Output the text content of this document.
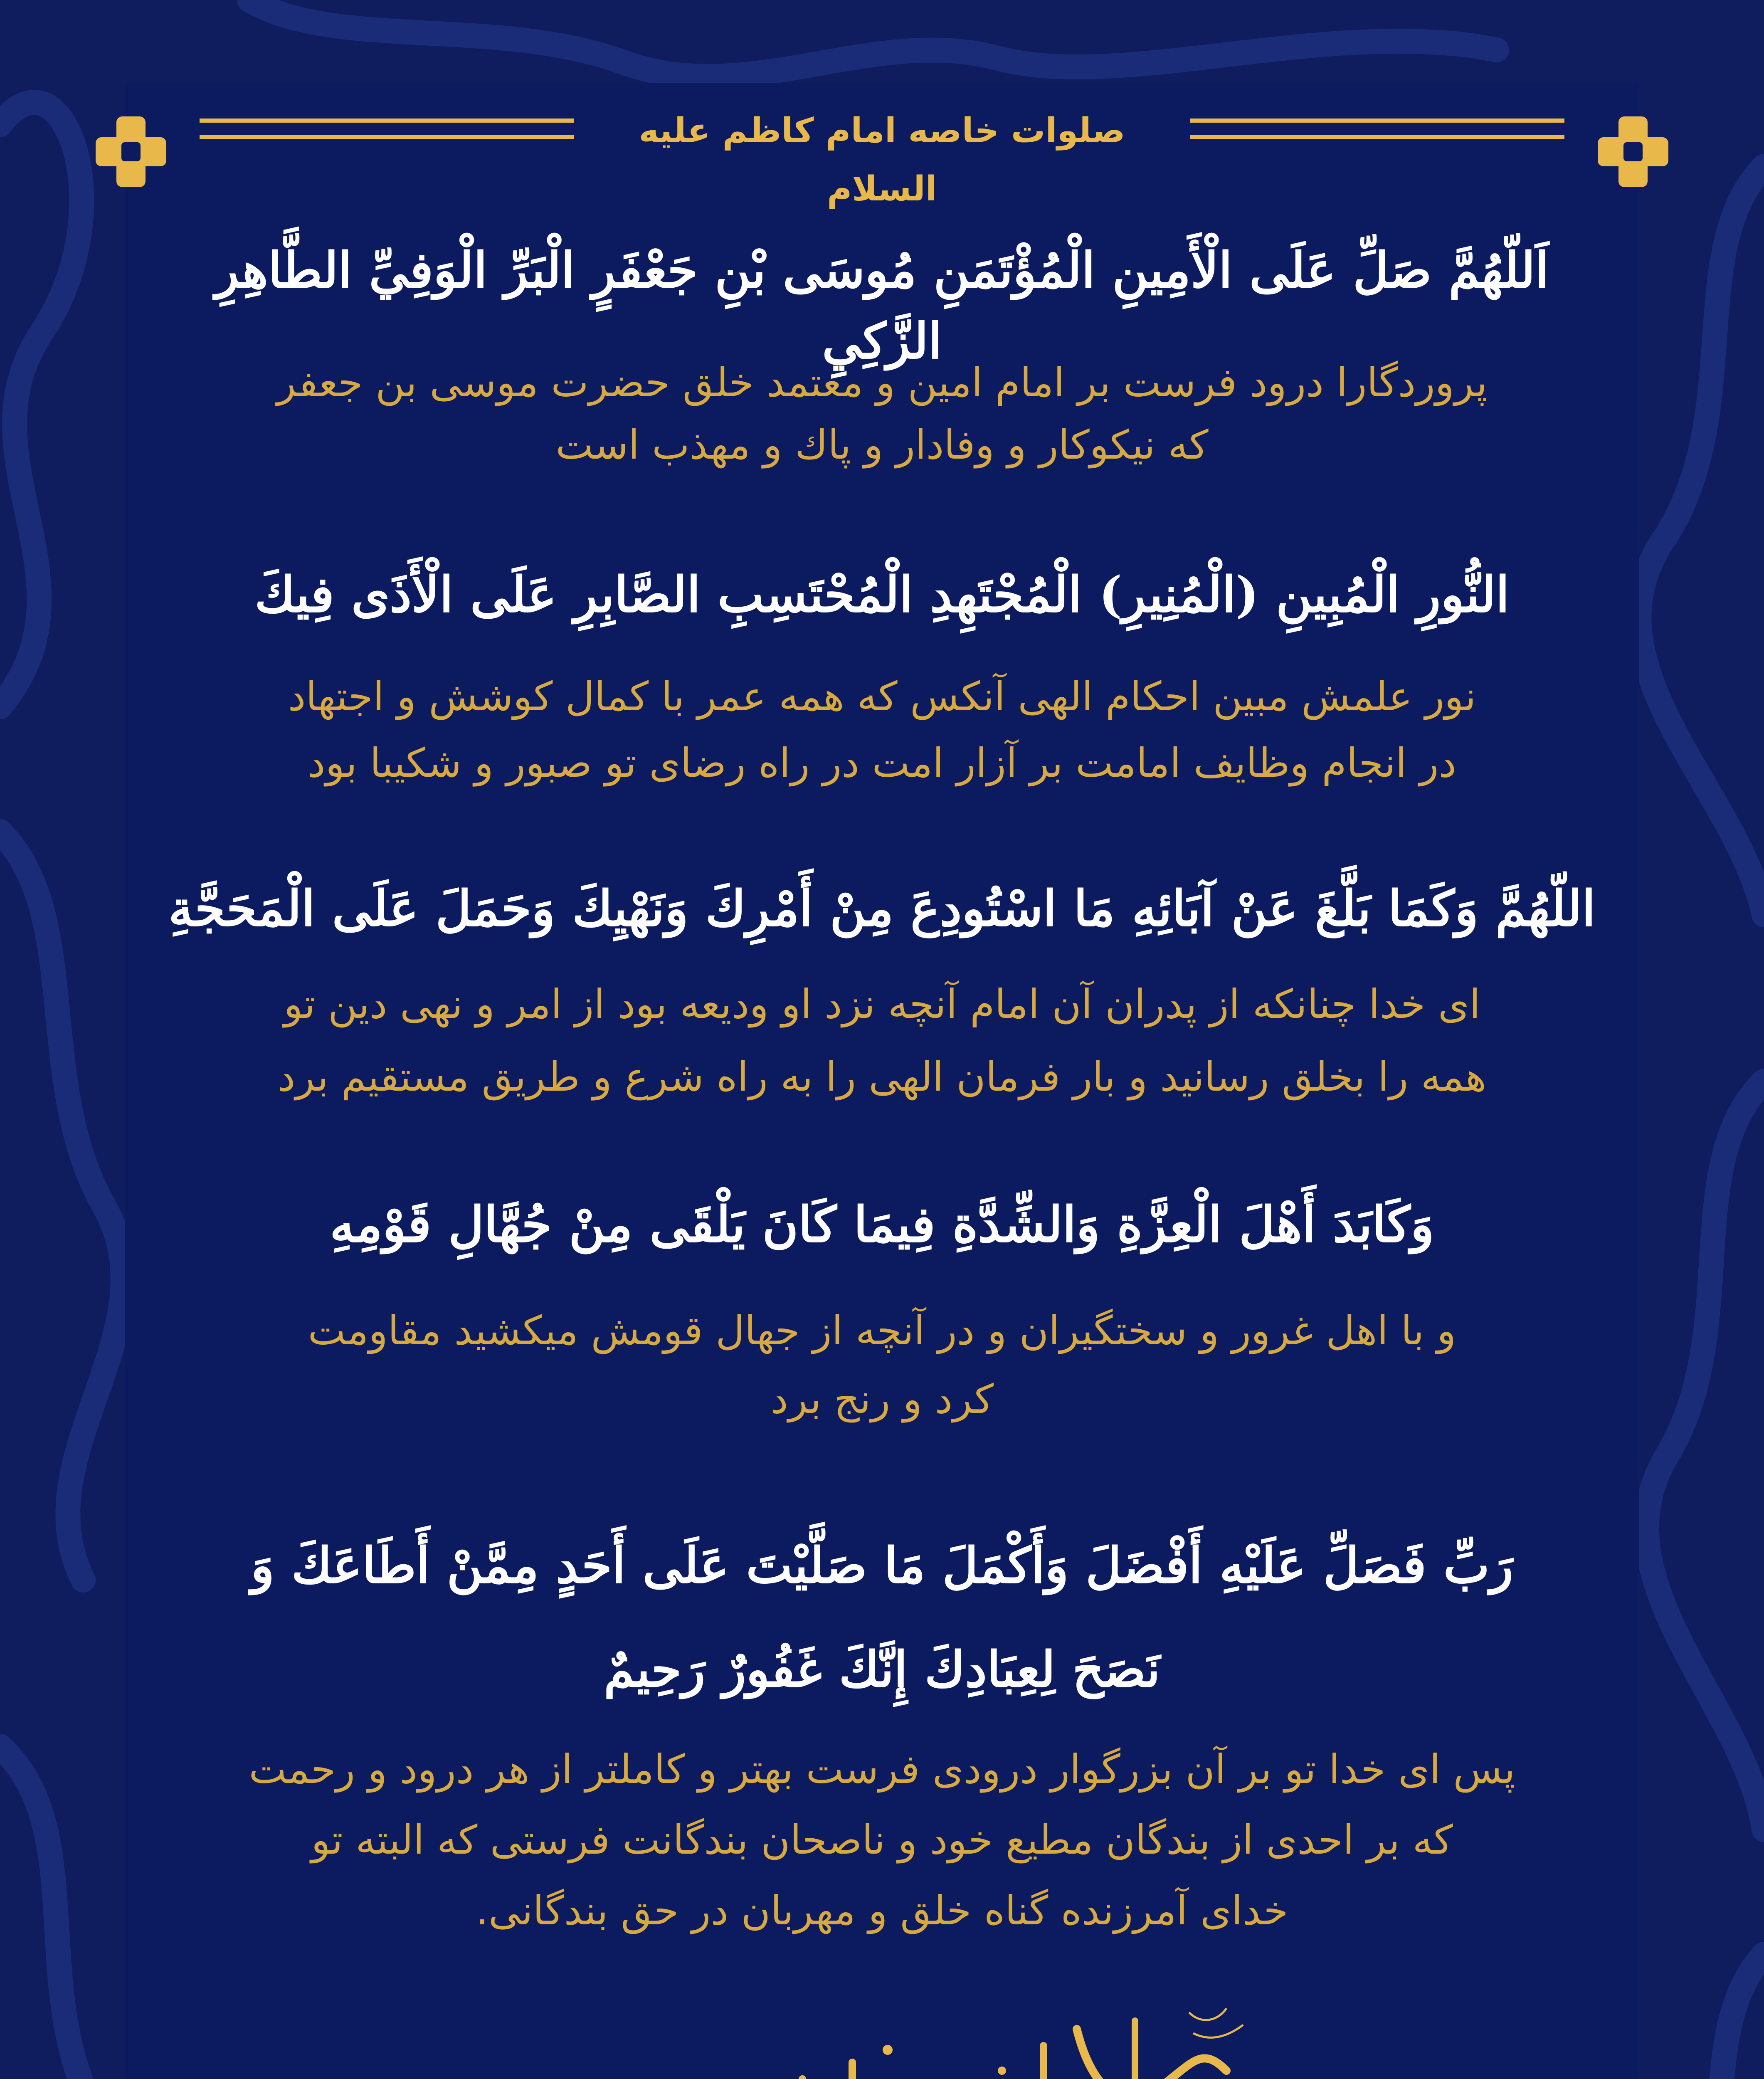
صلوات خاصه امام کاظم علیه السلام
اَللّهُمَّ صَلِّ عَلَى الْأَمِينِ الْمُؤْتَمَنِ مُوسَى بْنِ جَعْفَرٍ الْبَرِّ الْوَفِيِّ الطَّاهِرِ الزَّكِيِ
پروردگارا درود فرست بر امام امین و معتمد خلق حضرت موسی بن جعفر
که نیکوکار و وفادار و پاك و مهذب است
النُّورِ الْمُبِينِ (الْمُنِيرِ) الْمُجْتَهِدِ الْمُحْتَسِبِ الصَّابِرِ عَلَى الْأَذَى فِيكَ
نور علمش مبین احکام الهی آنکس که همه عمر با کمال کوشش و اجتهاد
در انجام وظایف امامت بر آزار امت در راه رضای تو صبور و شکیبا بود
اللّهُمَّ وَكَمَا بَلَّغَ عَنْ آبَائِهِ مَا اسْتُودِعَ مِنْ أَمْرِكَ وَنَهْيِكَ وَحَمَلَ عَلَى الْمَحَجَّةِ
ای خدا چنانکه از پدران آن امام آنچه نزد او ودیعه بود از امر و نهی دین تو
همه را بخلق رسانید و بار فرمان الهی را به راه شرع و طریق مستقیم برد
وَكَابَدَ أَهْلَ الْعِزَّةِ وَالشِّدَّةِ فِيمَا كَانَ يَلْقَى مِنْ جُهَّالِ قَوْمِهِ
و با اهل غرور و سختگیران و در آنچه از جهال قومش میکشید مقاومت
کرد و رنج برد
رَبِّ فَصَلِّ عَلَيْهِ أَفْضَلَ وَأَكْمَلَ مَا صَلَّيْتَ عَلَى أَحَدٍ مِمَّنْ أَطَاعَكَ وَ
نَصَحَ لِعِبَادِكَ إِنَّكَ غَفُورٌ رَحِيمٌ
پس ای خدا تو بر آن بزرگوار درودی فرست بهتر و کاملتر از هر درود و رحمت
که بر احدی از بندگان مطیع خود و ناصحان بندگانت فرستی که البته تو
خدای آمرزنده گناه خلق و مهربان در حق بندگانی.
